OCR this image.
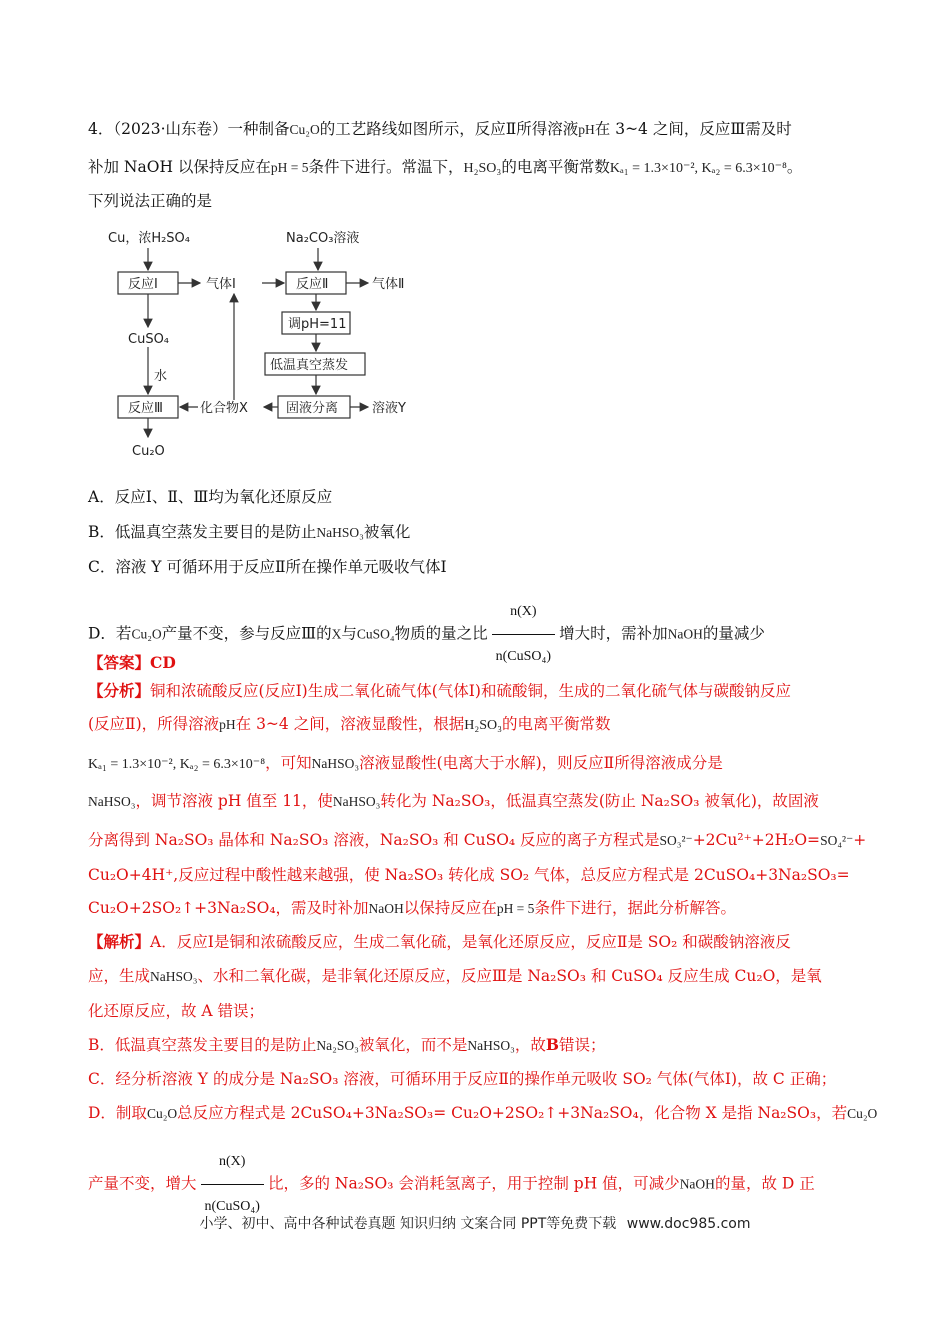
4．（2023·山东卷）一种制备Cu₂O的工艺路线如图所示，反应Ⅱ所得溶液pH在 3~4 之间，反应Ⅲ需及时
补加 NaOH 以保持反应在pH = 5条件下进行。常温下，H₂SO₃的电离平衡常数Kₐ₁ = 1.3×10⁻², Kₐ₂ = 6.3×10⁻⁸。
下列说法正确的是
Cu，浓H₂SO₄	Na₂CO₃溶液
反应Ⅰ	气体Ⅰ	反应Ⅱ	气体Ⅱ
调pH=11
低温真空蒸发
CuSO₄
水
反应Ⅲ	化合物X	固液分离	溶液Y
Cu₂O
A．反应Ⅰ、Ⅱ、Ⅲ均为氧化还原反应
B．低温真空蒸发主要目的是防止NaHSO₃被氧化
C．溶液 Y 可循环用于反应Ⅱ所在操作单元吸收气体Ⅰ
D．若Cu₂O产量不变，参与反应Ⅲ的X与CuSO₄物质的量之比 $\frac{n(X)}{\text{n(CuSO₄)}}$ 增大时，需补加NaOH的量减少
【答案】CD
【分析】铜和浓硫酸反应(反应Ⅰ)生成二氧化硫气体(气体Ⅰ)和硫酸铜，生成的二氧化硫气体与碳酸钠反应
(反应Ⅱ)，所得溶液pH在 3~4 之间，溶液显酸性，根据H₂SO₃的电离平衡常数
Kₐ₁ = 1.3×10⁻², Kₐ₂ = 6.3×10⁻⁸，可知NaHSO₃溶液显酸性(电离大于水解)，则反应Ⅱ所得溶液成分是
NaHSO₃，调节溶液 pH 值至 11，使NaHSO₃转化为 Na₂SO₃，低温真空蒸发(防止 Na₂SO₃ 被氧化)，故固液
分离得到 Na₂SO₃ 晶体和 Na₂SO₃ 溶液，Na₂SO₃ 和 CuSO₄ 反应的离子方程式是SO₃²⁻+2Cu²⁺+2H₂O=SO₄²⁻+
Cu₂O+4H⁺,反应过程中酸性越来越强，使 Na₂SO₃ 转化成 SO₂ 气体，总反应方程式是 2CuSO₄+3Na₂SO₃=
Cu₂O+2SO₂↑+3Na₂SO₄，需及时补加NaOH以保持反应在pH = 5条件下进行，据此分析解答。
【解析】A．反应Ⅰ是铜和浓硫酸反应，生成二氧化硫，是氧化还原反应，反应Ⅱ是 SO₂ 和碳酸钠溶液反
应，生成NaHSO₃、水和二氧化碳，是非氧化还原反应，反应Ⅲ是 Na₂SO₃ 和 CuSO₄ 反应生成 Cu₂O，是氧
化还原反应，故 A 错误；
B．低温真空蒸发主要目的是防止Na₂SO₃被氧化，而不是NaHSO₃，故B错误；
C．经分析溶液 Y 的成分是 Na₂SO₃ 溶液，可循环用于反应Ⅱ的操作单元吸收 SO₂ 气体(气体Ⅰ)，故 C 正确；
D．制取Cu₂O总反应方程式是 2CuSO₄+3Na₂SO₃= Cu₂O+2SO₂↑+3Na₂SO₄，化合物 X 是指 Na₂SO₃，若Cu₂O
产量不变，增大 $\frac{n(X)}{\text{n(CuSO₄)}}$ 比，多的 Na₂SO₃ 会消耗氢离子，用于控制 pH 值，可减少NaOH的量，故 D 正
小学、初中、高中各种试卷真题 知识归纳 文案合同 PPT等免费下载 www.doc985.com
